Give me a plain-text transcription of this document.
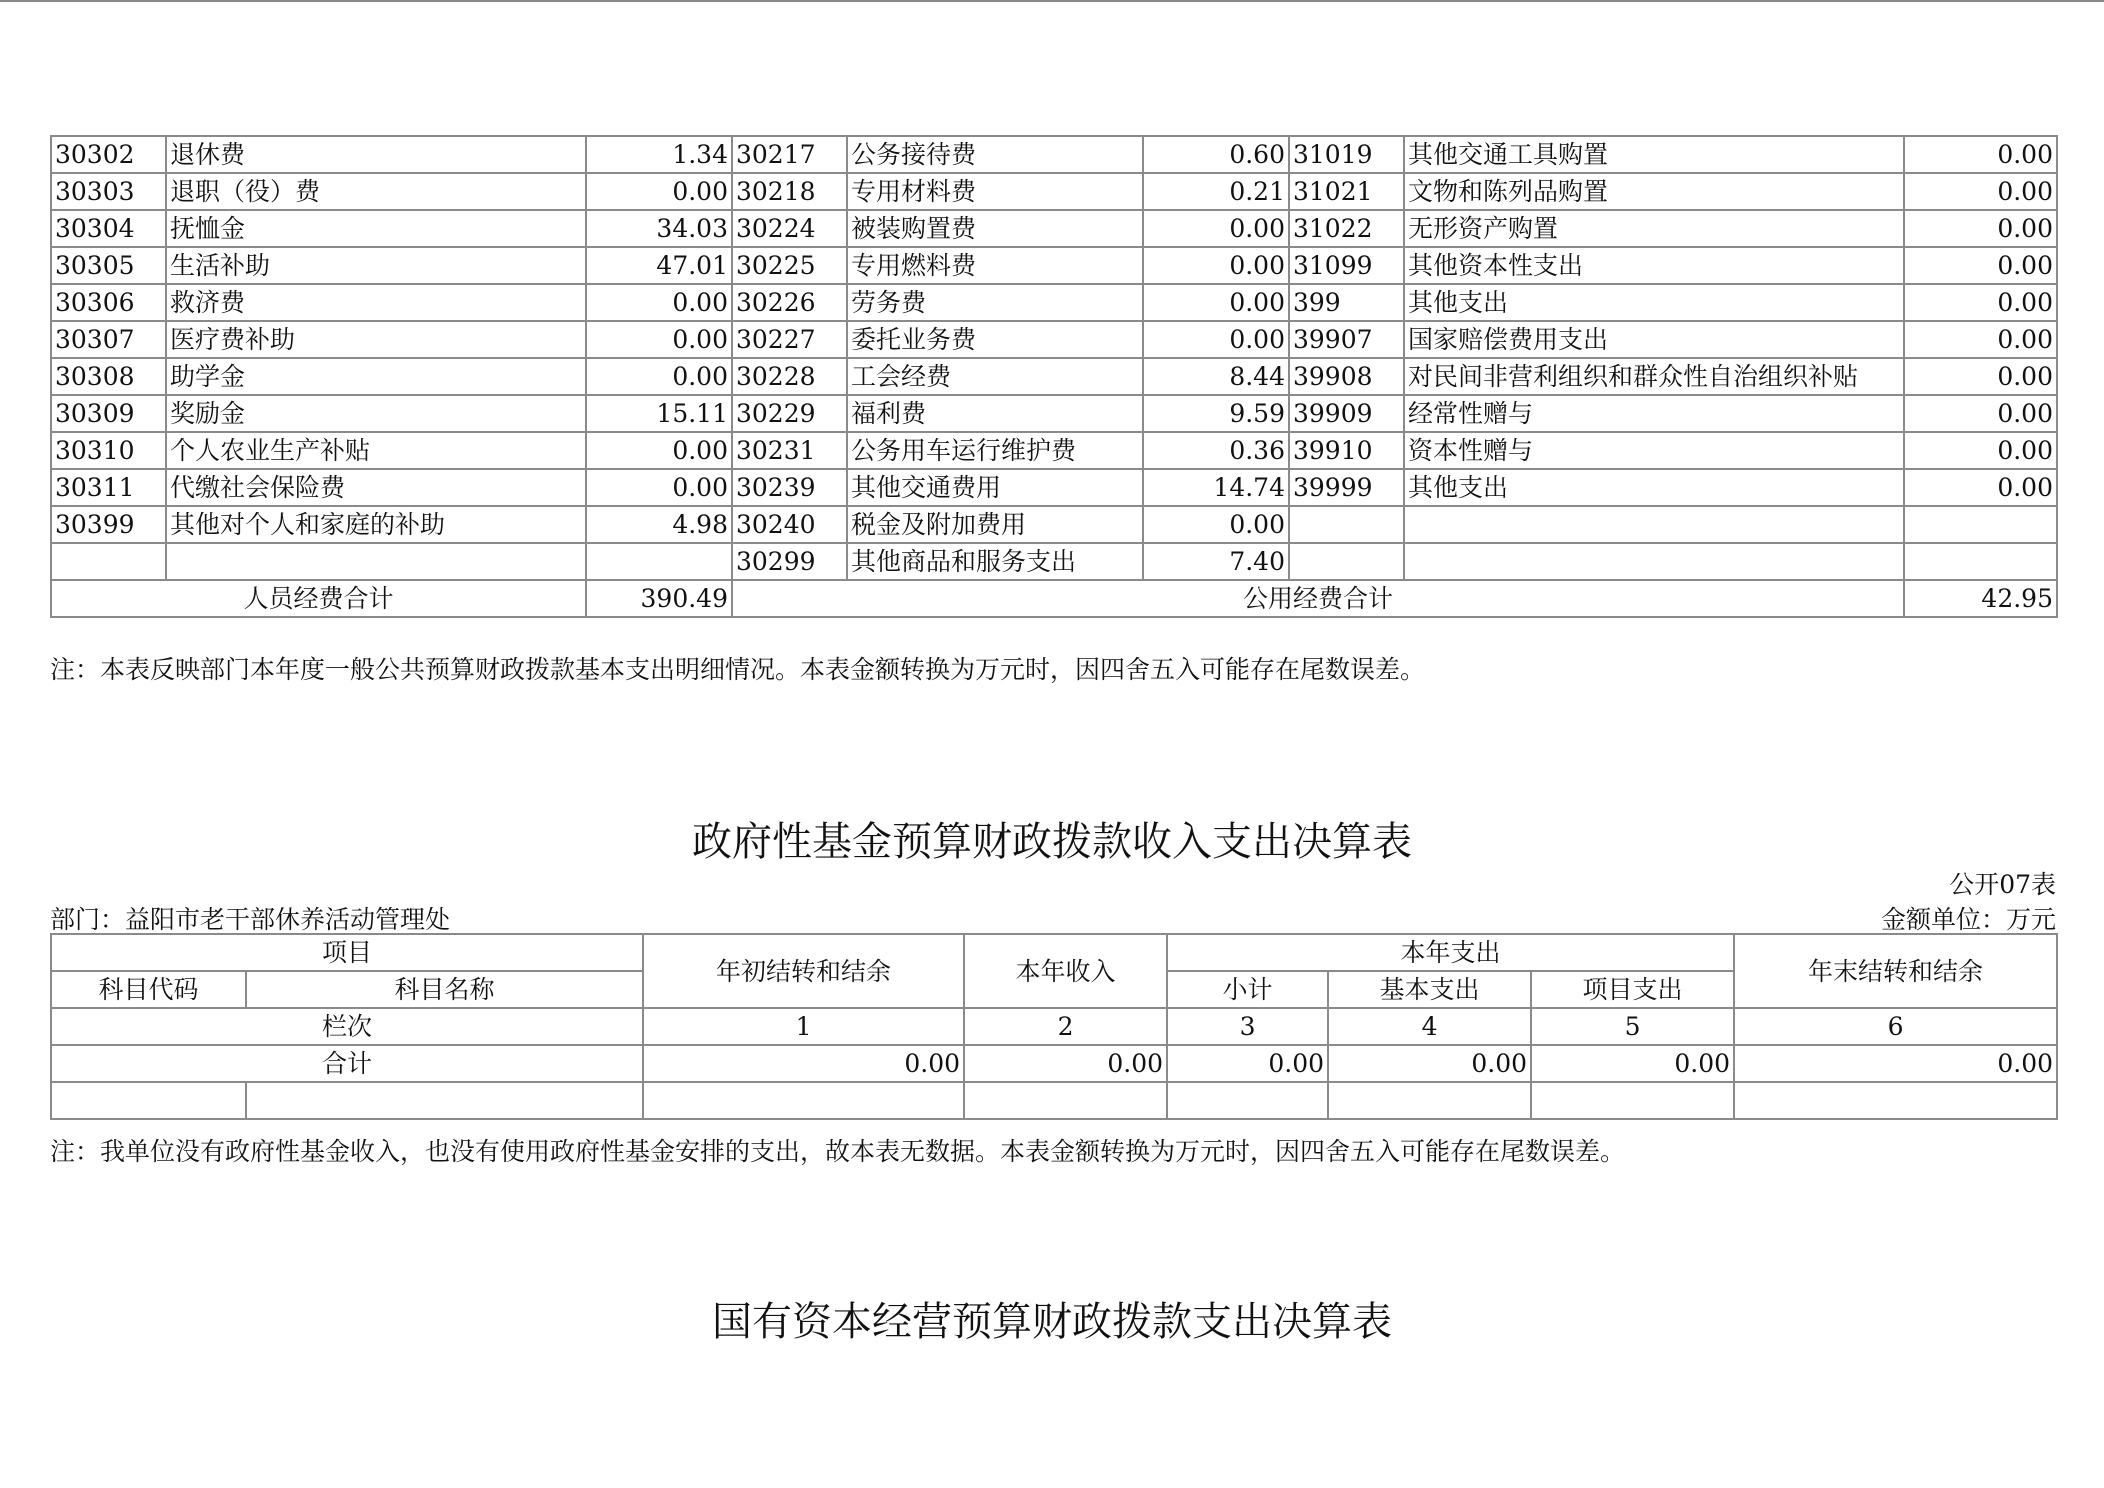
30302	退休费	1.34	30217	公务接待费	0.60	31019	其他交通工具购置	0.00
30303	退职（役）费	0.00	30218	专用材料费	0.21	31021	文物和陈列品购置	0.00
30304	抚恤金	34.03	30224	被装购置费	0.00	31022	无形资产购置	0.00
30305	生活补助	47.01	30225	专用燃料费	0.00	31099	其他资本性支出	0.00
30306	救济费	0.00	30226	劳务费	0.00	399	其他支出	0.00
30307	医疗费补助	0.00	30227	委托业务费	0.00	39907	国家赔偿费用支出	0.00
30308	助学金	0.00	30228	工会经费	8.44	39908	对民间非营利组织和群众性自治组织补贴	0.00
30309	奖励金	15.11	30229	福利费	9.59	39909	经常性赠与	0.00
30310	个人农业生产补贴	0.00	30231	公务用车运行维护费	0.36	39910	资本性赠与	0.00
30311	代缴社会保险费	0.00	30239	其他交通费用	14.74	39999	其他支出	0.00
30399	其他对个人和家庭的补助	4.98	30240	税金及附加费用	0.00			
			30299	其他商品和服务支出	7.40			
人员经费合计		390.49	公用经费合计					42.95
注：本表反映部门本年度一般公共预算财政拨款基本支出明细情况。本表金额转换为万元时，因四舍五入可能存在尾数误差。
政府性基金预算财政拨款收入支出决算表
公开07表
部门：益阳市老干部休养活动管理处	金额单位：万元
项目		年初结转和结余	本年收入	本年支出			年末结转和结余
科目代码	科目名称			小计	基本支出	项目支出	
栏次		1	2	3	4	5	6
合计		0.00	0.00	0.00	0.00	0.00	0.00

注：我单位没有政府性基金收入，也没有使用政府性基金安排的支出，故本表无数据。本表金额转换为万元时，因四舍五入可能存在尾数误差。
国有资本经营预算财政拨款支出决算表
